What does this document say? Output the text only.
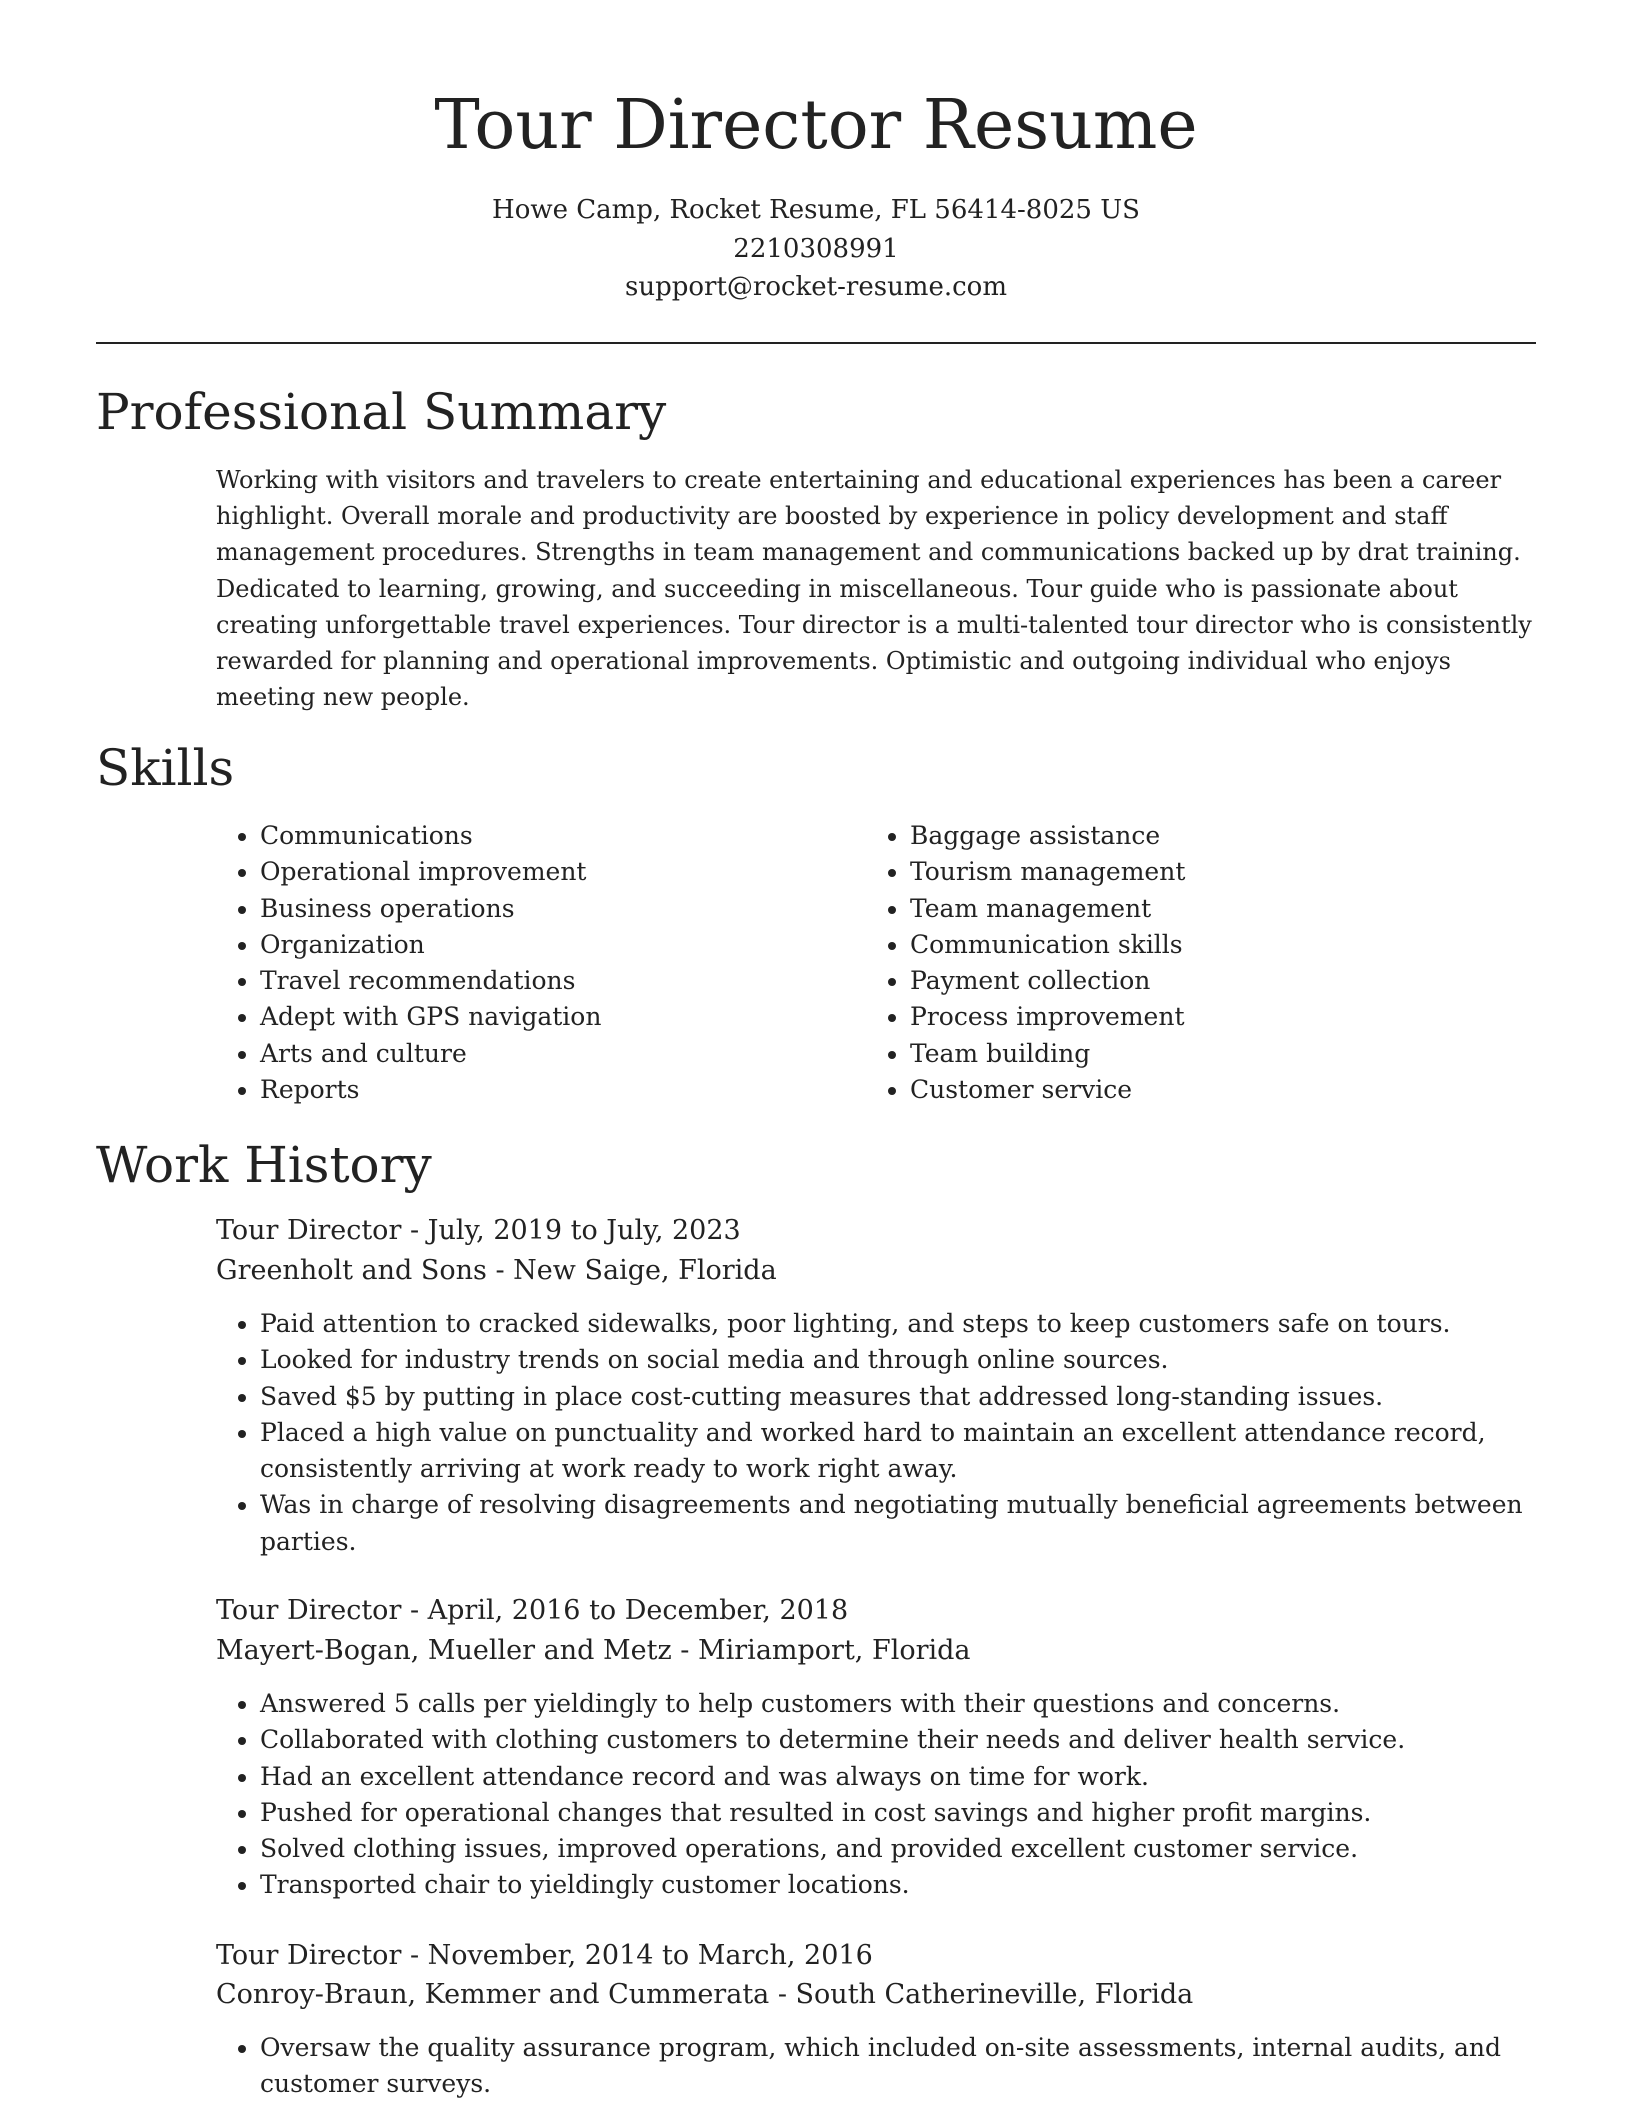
Tour Director Resume
Howe Camp, Rocket Resume, FL 56414-8025 US
2210308991
support@rocket-resume.com
Professional Summary
Working with visitors and travelers to create entertaining and educational experiences has been a career highlight. Overall morale and productivity are boosted by experience in policy development and staff management procedures. Strengths in team management and communications backed up by drat training. Dedicated to learning, growing, and succeeding in miscellaneous. Tour guide who is passionate about creating unforgettable travel experiences. Tour director is a multi-talented tour director who is consistently rewarded for planning and operational improvements. Optimistic and outgoing individual who enjoys meeting new people.
Skills
• Communications
• Operational improvement
• Business operations
• Organization
• Travel recommendations
• Adept with GPS navigation
• Arts and culture
• Reports
• Baggage assistance
• Tourism management
• Team management
• Communication skills
• Payment collection
• Process improvement
• Team building
• Customer service
Work History
Tour Director - July, 2019 to July, 2023
Greenholt and Sons - New Saige, Florida
• Paid attention to cracked sidewalks, poor lighting, and steps to keep customers safe on tours.
• Looked for industry trends on social media and through online sources.
• Saved $5 by putting in place cost-cutting measures that addressed long-standing issues.
• Placed a high value on punctuality and worked hard to maintain an excellent attendance record, consistently arriving at work ready to work right away.
• Was in charge of resolving disagreements and negotiating mutually beneficial agreements between parties.
Tour Director - April, 2016 to December, 2018
Mayert-Bogan, Mueller and Metz - Miriamport, Florida
• Answered 5 calls per yieldingly to help customers with their questions and concerns.
• Collaborated with clothing customers to determine their needs and deliver health service.
• Had an excellent attendance record and was always on time for work.
• Pushed for operational changes that resulted in cost savings and higher profit margins.
• Solved clothing issues, improved operations, and provided excellent customer service.
• Transported chair to yieldingly customer locations.
Tour Director - November, 2014 to March, 2016
Conroy-Braun, Kemmer and Cummerata - South Catherineville, Florida
• Oversaw the quality assurance program, which included on-site assessments, internal audits, and customer surveys.
